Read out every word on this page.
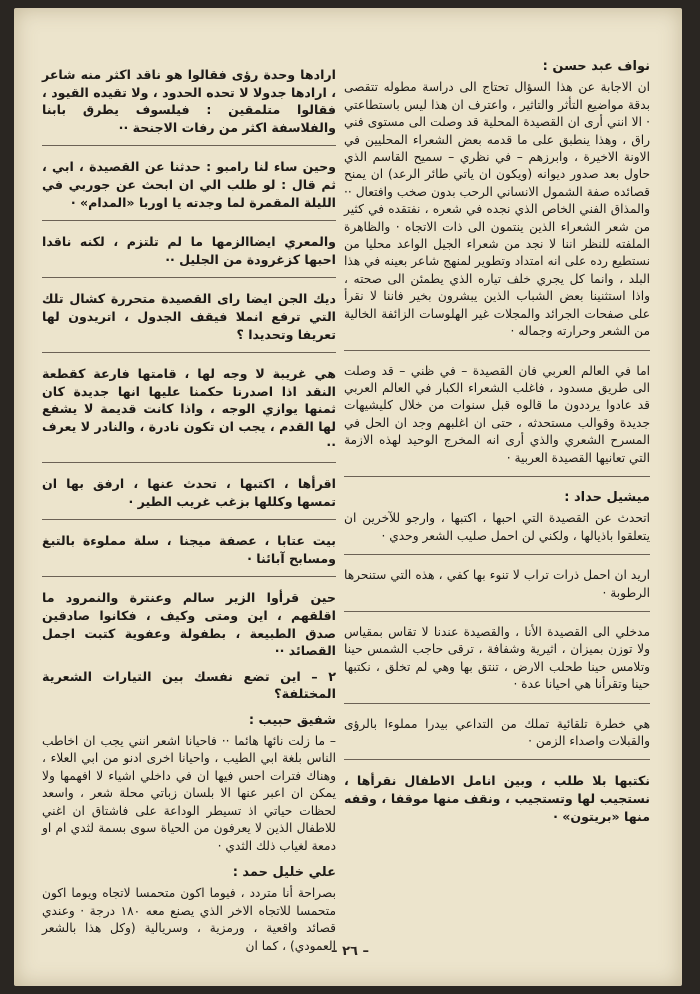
نواف عبد حسن :

ان الاجابة عن هذا السؤال تحتاج الى دراسة مطوله تتقصى بدقة مواضيع التأثر والتاثير ، واعترف ان هذا ليس باستطاعتي · الا انني أرى ان القصيدة المحلية قد وصلت الى مستوى فني راق ، وهذا ينطبق على ما قدمه بعض الشعراء المحليين في الاونة الاخيرة ، وابرزهم – في نظري – سميح القاسم الذي حاول بعد صدور ديوانه (ويكون ان ياتي طائر الرعد) ان يمنح قصائده صفة الشمول الانساني الرحب بدون صخب وافتعال ·· والمذاق الفني الخاص الذي نجده في شعره ، نفتقده في كثير من شعر الشعراء الذين ينتمون الى ذات الاتجاه · والظاهرة الملفته للنظر اننا لا نجد من شعراء الجيل الواعد محليا من نستطيع رده على انه امتداد وتطوير لمنهج شاعر بعينه في هذا البلد ، وانما كل يجري خلف تياره الذي يطمئن الى صحته ، واذا استثنينا بعض الشباب الذين يبشرون بخير فاننا لا نقرأ على صفحات الجرائد والمجلات غير الهلوسات الزائفة الخالية من الشعر وحرارته وجماله ·

اما في العالم العربي فان القصيدة – في ظني – قد وصلت الى طريق مسدود ، فاغلب الشعراء الكبار في العالم العربي قد عادوا يرددون ما قالوه قبل سنوات من خلال كليشيهات جديدة وقوالب مستحدثه ، حتى ان اغلبهم وجد ان الحل في المسرح الشعري والذي أرى انه المخرج الوحيد لهذه الازمة التي تعانيها القصيدة العربية ·

ميشيل حداد :

اتحدث عن القصيدة التي احبها ، اكتبها ، وارجو للآخرين ان يتعلقوا باذيالها ، ولكني لن احمل صليب الشعر وحدي ·

اريد ان احمل ذرات تراب لا تنوء بها كفي ، هذه التي ستنحرها الرطوبة ·

مدخلي الى القصيدة الأنا ، والقصيدة عندنا لا تقاس بمقياس ولا توزن بميزان ، اثيرية وشفافة ، ترقى حاجب الشمس حينا وتلامس حينا طحلب الارض ، تنتق بها وهي لم تخلق ، نكتبها حينا وتقرأنا هي احيانا عدة ·

هي خطرة تلقائية تملك من التداعي بيدرا مملوءا بالرؤى والقبلات واصداء الزمن ·

نكتبها بلا طلب ، وبين انامل الاطفال نقرأها ، نستجيب لها وتستجيب ، ونقف منها موقفا ، وقفه منها «بريتون» ·

ارادها وحدة رؤى فقالوا هو ناقد اكثر منه شاعر ، ارادها جدولا لا تحده الحدود ، ولا تقيده القيود ، فقالوا متلمقين : فيلسوف يطرق بابنا والفلاسفة اكثر من رفات الاجنحة ··

وحين ساء لنا رامبو : حدثنا عن القصيدة ، ابي ، ثم قال : لو طلب الي ان ابحث عن جوربي في الليلة المقمرة لما وجدته يا اوربا «المدام» ·

والمعري ايضاالزمها ما لم تلتزم ، لكنه ناقدا احبها كزغرودة من الجليل ··

ديك الجن ايضا راى القصيدة متحررة كشال تلك التي ترفع انملا فيقف الجدول ، اتريدون لها تعريفا وتحديدا ؟

هي غريبة لا وجه لها ، قامتها فارعة كقطعة النقد اذا اصدرنا حكمنا عليها انها جديدة كان ثمنها يوازي الوجه ، واذا كانت قديمة لا يشفع لها القدم ، يجب ان تكون نادرة ، والنادر لا يعرف ··

اقرأها ، اكتبها ، تحدث عنها ، ارفق بها ان تمسها وكللها بزغب غريب الطير ·

بيت عتابا ، عصفة ميجنا ، سلة مملوءة بالتبغ ومسابح آبائنا ·

حين قرأوا الزير سالم وعنترة والنمرود ما اقلقهم ، اين ومتى وكيف ، فكانوا صادقين صدق الطبيعة ، بطفولة وعفوية كتبت اجمل القصائد ··

٢ – اين تضع نفسك بين التيارات الشعرية المختلفة؟
شفيق حبيب :

– ما زلت نائها هائما ·· فاحيانا اشعر انني يجب ان اخاطب الناس بلغة ابي الطيب ، واحيانا اخرى ادنو من ابي العلاء ، وهناك فترات احس فيها ان في داخلي اشياء لا افهمها ولا يمكن ان اعبر عنها الا بلسان زباتي محلة شعر ، واسعد لحظات حياتي اذ تسيطر الوداعة على فاشتاق ان اغني للاطفال الذين لا يعرفون من الحياة سوى بسمة لثدي ام او دمعة لغياب ذلك الثدي ·

علي خليل حمد :

بصراحة أنا متردد ، فيوما اكون متحمسا لاتجاه ويوما اكون متحمسا للاتجاه الاخر الذي يصنع معه ١٨٠ درجة · وعندي قصائد واقعية ، ورمزية ، وسريالية (وكل هذا بالشعر العمودي) ، كما ان

– ٢٦ –
